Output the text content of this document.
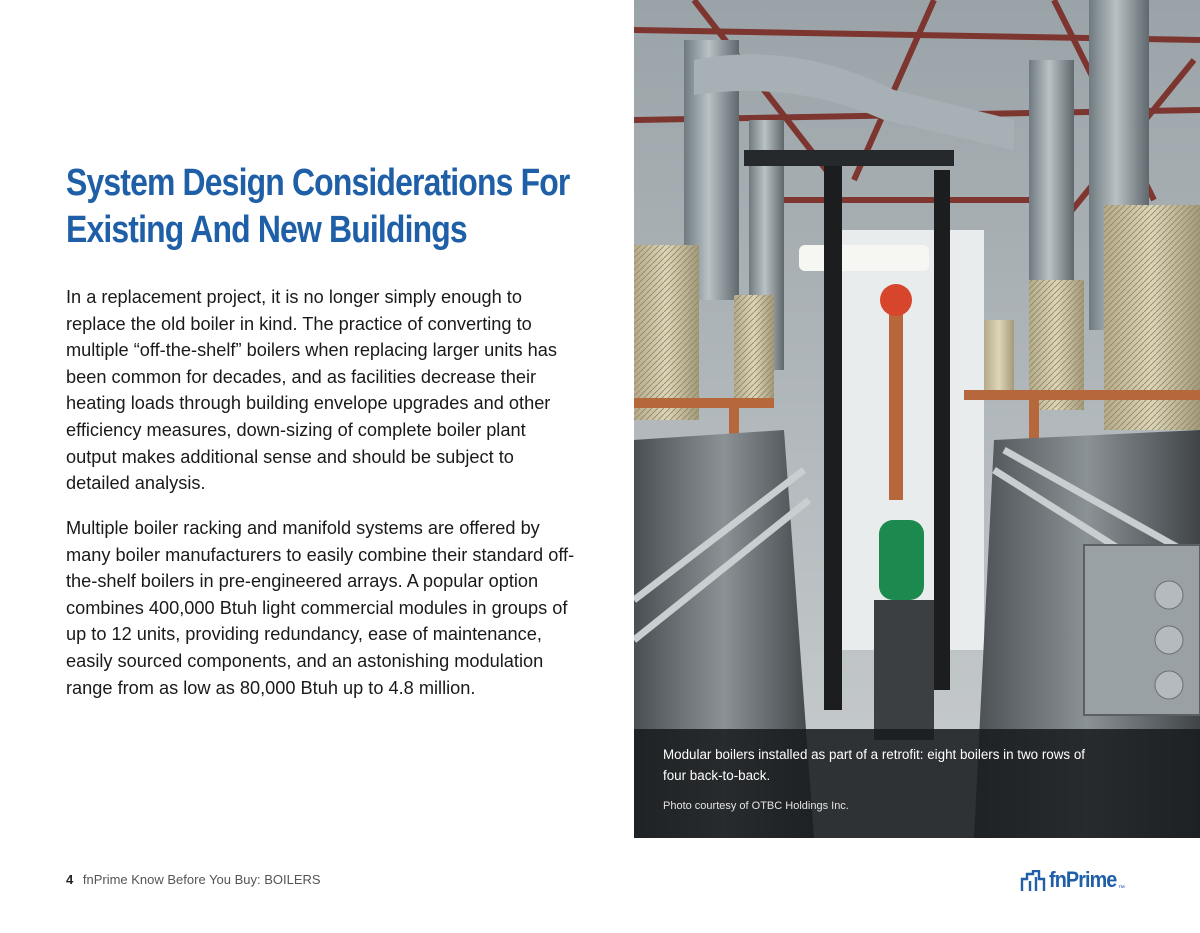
System Design Considerations For
Existing And New Buildings

In a replacement project, it is no longer simply enough to replace the old boiler in kind. The practice of converting to multiple “off-the-shelf” boilers when replacing larger units has been common for decades, and as facilities decrease their heating loads through building envelope upgrades and other efficiency measures, down-sizing of complete boiler plant output makes additional sense and should be subject to detailed analysis.

Multiple boiler racking and manifold systems are offered by many boiler manufacturers to easily combine their standard off-the-shelf boilers in pre-engineered arrays. A popular option combines 400,000 Btuh light commercial modules in groups of up to 12 units, providing redundancy, ease of maintenance, easily sourced components, and an astonishing modulation range from as low as 80,000 Btuh up to 4.8 million.

Modular boilers installed as part of a retrofit: eight boilers in two rows of four back-to-back.

Photo courtesy of OTBC Holdings Inc.

4 fnPrime Know Before You Buy: BOILERS	fnPrime ™
